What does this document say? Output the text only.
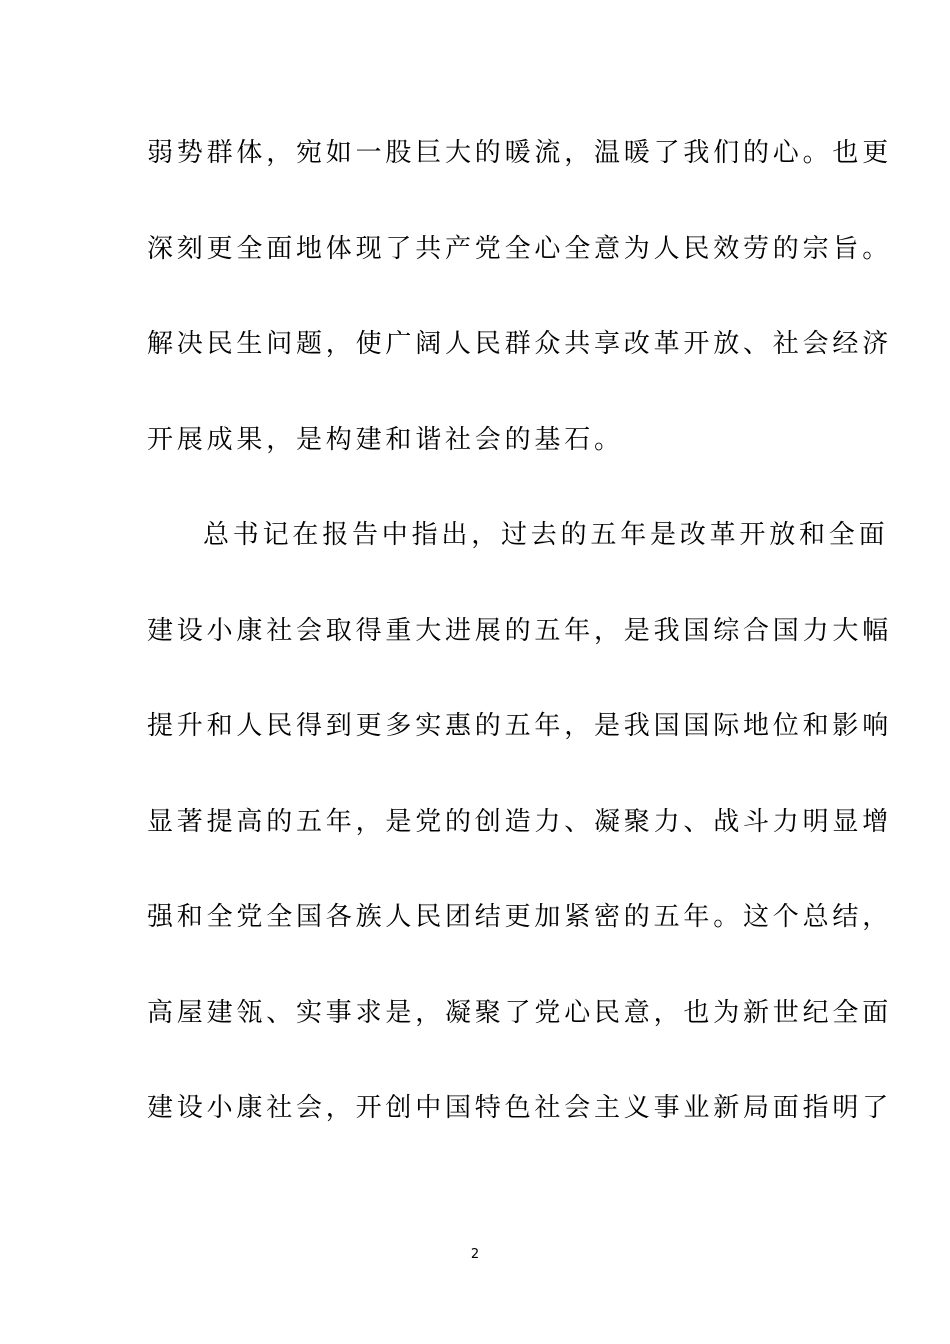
弱势群体，宛如一股巨大的暖流，温暖了我们的心。也更
深刻更全面地体现了共产党全心全意为人民效劳的宗旨。
解决民生问题，使广阔人民群众共享改革开放、社会经济
开展成果，是构建和谐社会的基石。
总书记在报告中指出，过去的五年是改革开放和全面
建设小康社会取得重大进展的五年，是我国综合国力大幅
提升和人民得到更多实惠的五年，是我国国际地位和影响
显著提高的五年，是党的创造力、凝聚力、战斗力明显增
强和全党全国各族人民团结更加紧密的五年。这个总结，
高屋建瓴、实事求是，凝聚了党心民意，也为新世纪全面
建设小康社会，开创中国特色社会主义事业新局面指明了
2
